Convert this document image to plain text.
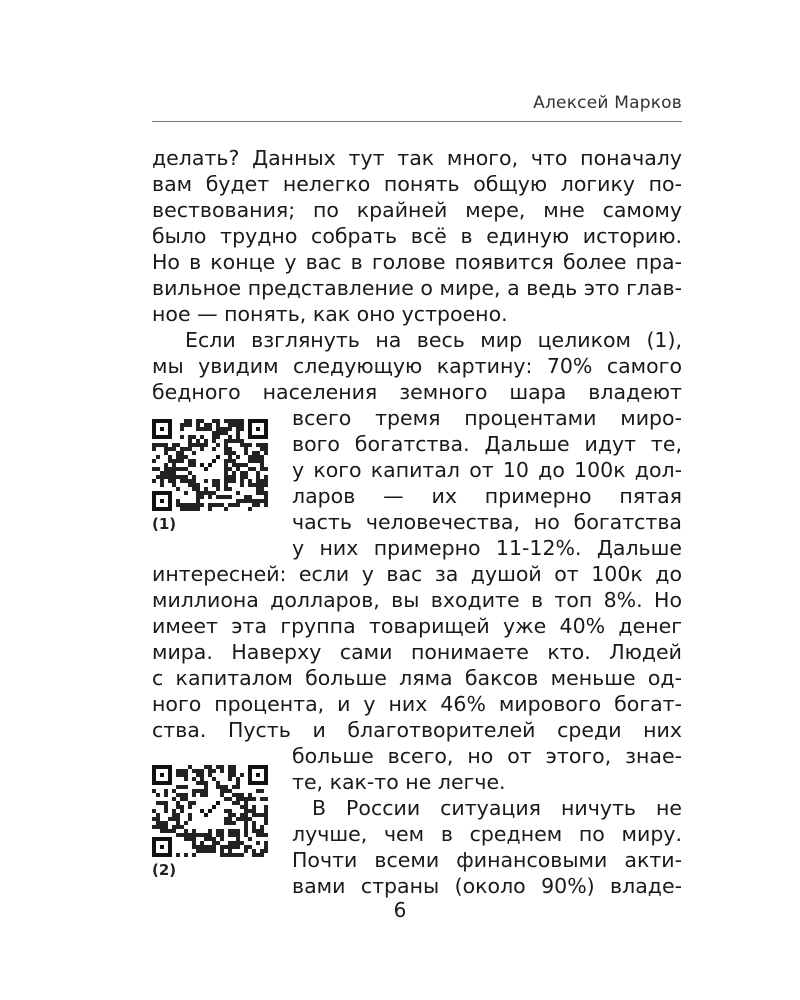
Алексей Марков
делать? Данных тут так много, что поначалу
вам будет нелегко понять общую логику по-
вествования; по крайней мере, мне самому
было трудно собрать всё в единую историю.
Но в конце у вас в голове появится более пра-
вильное представление о мире, а ведь это глав-
ное — понять, как оно устроено.
Если взглянуть на весь мир целиком (1),
мы увидим следующую картину: 70% самого
бедного населения земного шара владеют
всего тремя процентами миро-
вого богатства. Дальше идут те,
у кого капитал от 10 до 100к дол-
ларов — их примерно пятая
часть человечества, но богатства
у них примерно 11-12%. Дальше
интересней: если у вас за душой от 100к до
миллиона долларов, вы входите в топ 8%. Но
имеет эта группа товарищей уже 40% денег
мира. Наверху сами понимаете кто. Людей
с капиталом больше ляма баксов меньше од-
ного процента, и у них 46% мирового богат-
ства. Пусть и благотворителей среди них
больше всего, но от этого, знае-
те, как-то не легче.
В России ситуация ничуть не
лучше, чем в среднем по миру.
Почти всеми финансовыми акти-
вами страны (около 90%) владе-
(1)
(2)
6
